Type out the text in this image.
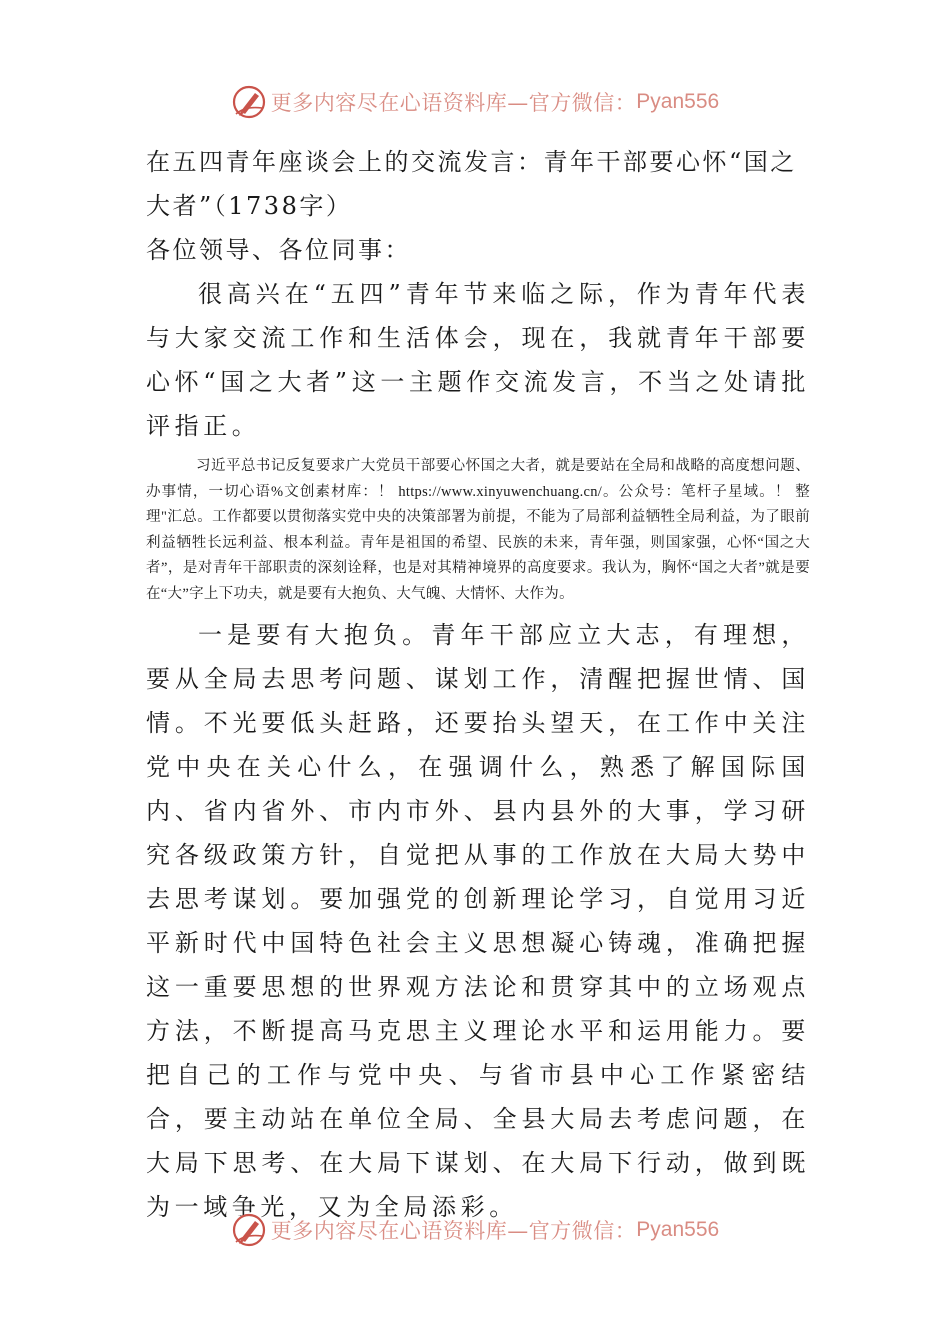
更多内容尽在心语资料库—官方微信： Pyan556
在五四青年座谈会上的交流发言：青年干部要心怀“国之大者”（1738字）

各位领导、各位同事：

很高兴在“五四”青年节来临之际，作为青年代表与大家交流工作和生活体会，现在，我就青年干部要心怀“国之大者”这一主题作交流发言，不当之处请批评指正。

习近平总书记反复要求广大党员干部要心怀国之大者，就是要站在全局和战略的高度想问题、办事情，一切心语%文创素材库：！ https://www.xinyuwenchuang.cn/。公众号：笔杆子星域。！ 整理"汇总。工作都要以贯彻落实党中央的决策部署为前提，不能为了局部利益牺牲全局利益，为了眼前利益牺牲长远利益、根本利益。青年是祖国的希望、民族的未来，青年强，则国家强，心怀“国之大者”，是对青年干部职责的深刻诠释，也是对其精神境界的高度要求。我认为，胸怀“国之大者”就是要在“大”字上下功夫，就是要有大抱负、大气魄、大情怀、大作为。

一是要有大抱负。青年干部应立大志，有理想，要从全局去思考问题、谋划工作，清醒把握世情、国情。不光要低头赶路，还要抬头望天，在工作中关注党中央在关心什么，在强调什么，熟悉了解国际国内、省内省外、市内市外、县内县外的大事，学习研究各级政策方针，自觉把从事的工作放在大局大势中去思考谋划。要加强党的创新理论学习，自觉用习近平新时代中国特色社会主义思想凝心铸魂，准确把握这一重要思想的世界观方法论和贯穿其中的立场观点方法，不断提高马克思主义理论水平和运用能力。要把自己的工作与党中央、与省市县中心工作紧密结合，要主动站在单位全局、全县大局去考虑问题，在大局下思考、在大局下谋划、在大局下行动，做到既为一域争光，又为全局添彩。

更多内容尽在心语资料库—官方微信： Pyan556
